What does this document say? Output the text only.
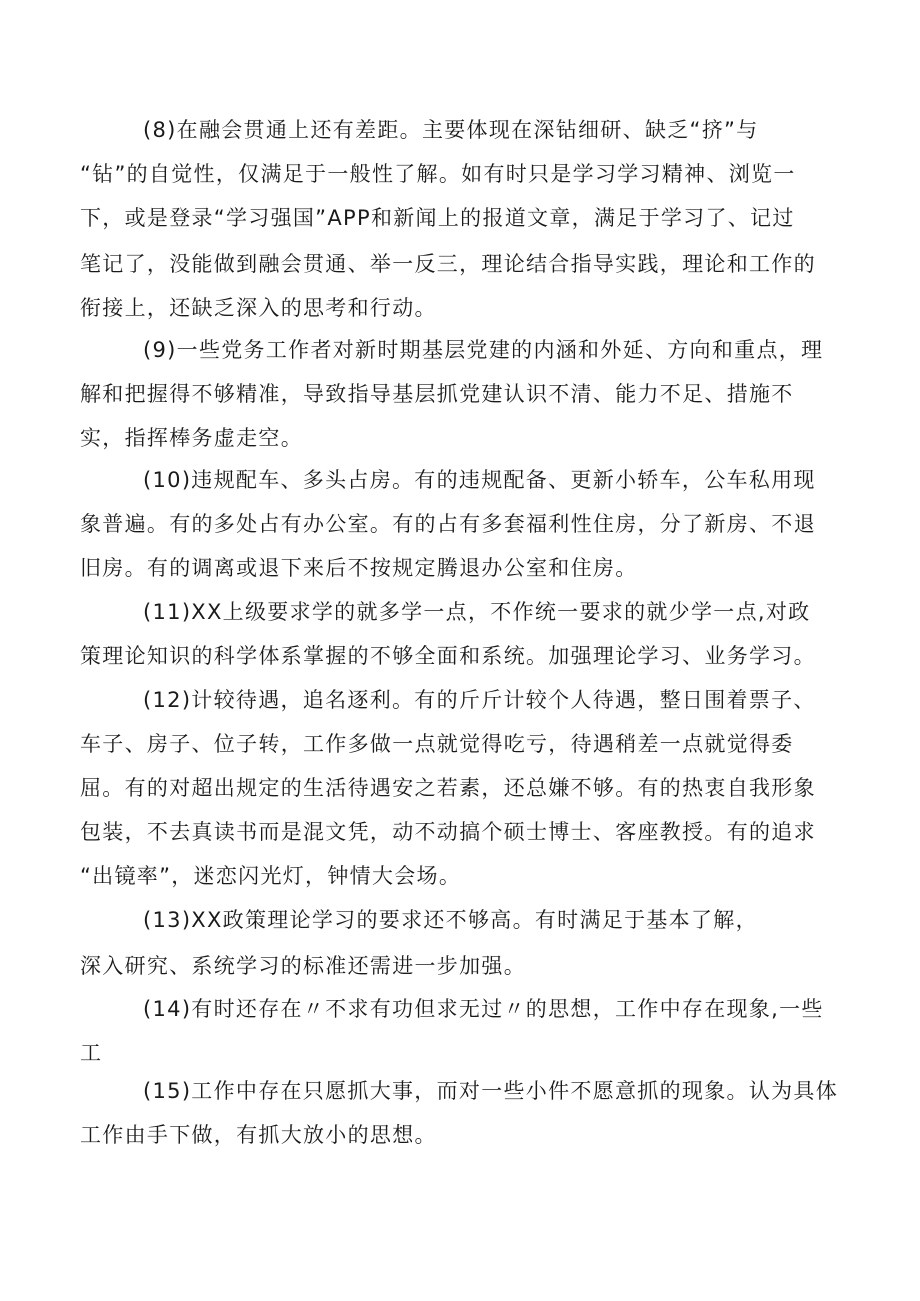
(8)在融会贯通上还有差距。主要体现在深钻细研、缺乏“挤”与
“钻”的自觉性，仅满足于一般性了解。如有时只是学习学习精神、浏览一
下，或是登录“学习强国”APP和新闻上的报道文章，满足于学习了、记过
笔记了，没能做到融会贯通、举一反三，理论结合指导实践，理论和工作的
衔接上，还缺乏深入的思考和行动。
(9)一些党务工作者对新时期基层党建的内涵和外延、方向和重点，理
解和把握得不够精准，导致指导基层抓党建认识不清、能力不足、措施不
实，指挥棒务虚走空。
(10)违规配车、多头占房。有的违规配备、更新小轿车，公车私用现
象普遍。有的多处占有办公室。有的占有多套福利性住房，分了新房、不退
旧房。有的调离或退下来后不按规定腾退办公室和住房。
(11)XX上级要求学的就多学一点，不作统一要求的就少学一点,对政
策理论知识的科学体系掌握的不够全面和系统。加强理论学习、业务学习。
(12)计较待遇，追名逐利。有的斤斤计较个人待遇，整日围着票子、
车子、房子、位子转，工作多做一点就觉得吃亏，待遇稍差一点就觉得委
屈。有的对超出规定的生活待遇安之若素，还总嫌不够。有的热衷自我形象
包装，不去真读书而是混文凭，动不动搞个硕士博士、客座教授。有的追求
“出镜率”，迷恋闪光灯，钟情大会场。
(13)XX政策理论学习的要求还不够高。有时满足于基本了解，
深入研究、系统学习的标准还需进一步加强。
(14)有时还存在〃不求有功但求无过〃的思想，工作中存在现象,一些
工
(15)工作中存在只愿抓大事，而对一些小件不愿意抓的现象。认为具体
工作由手下做，有抓大放小的思想。
